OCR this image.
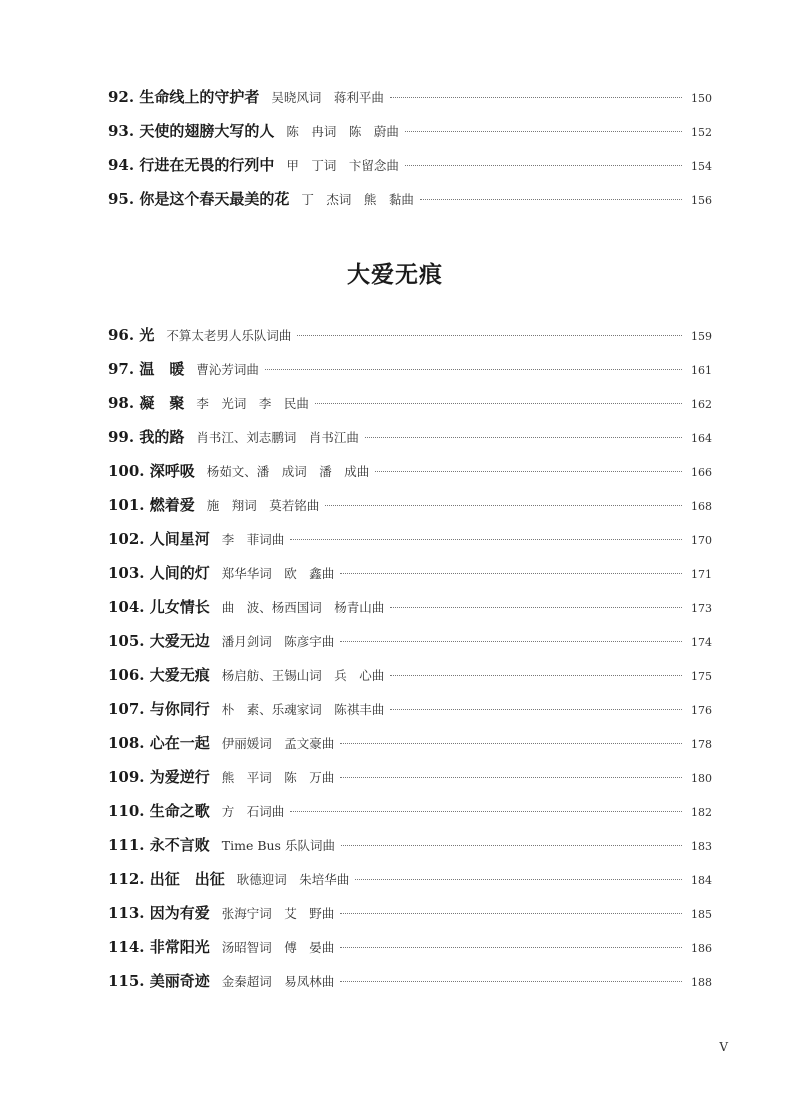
92. 生命线上的守护者 吴晓风词　蒋利平曲	150
93. 天使的翅膀大写的人 陈　冉词　陈　蔚曲	152
94. 行进在无畏的行列中 甲　丁词　卞留念曲	154
95. 你是这个春天最美的花 丁　杰词　熊　黏曲	156
大爱无痕
96. 光 不算太老男人乐队词曲	159
97. 温　暖 曹沁芳词曲	161
98. 凝　聚 李　光词　李　民曲	162
99. 我的路 肖书江、刘志鹏词　肖书江曲	164
100. 深呼吸 杨茹文、潘　成词　潘　成曲	166
101. 燃着爱 施　翔词　莫若铭曲	168
102. 人间星河 李　菲词曲	170
103. 人间的灯 郑华华词　欧　鑫曲	171
104. 儿女情长 曲　波、杨西国词　杨青山曲	173
105. 大爱无边 潘月剑词　陈彦宇曲	174
106. 大爱无痕 杨启舫、王锡山词　兵　心曲	175
107. 与你同行 朴　素、乐魂家词　陈祺丰曲	176
108. 心在一起 伊丽媛词　孟文豪曲	178
109. 为爱逆行 熊　平词　陈　万曲	180
110. 生命之歌 方　石词曲	182
111. 永不言败 Time Bus 乐队词曲	183
112. 出征　出征 耿德迎词　朱培华曲	184
113. 因为有爱 张海宁词　艾　野曲	185
114. 非常阳光 汤昭智词　傅　晏曲	186
115. 美丽奇迹 金秦超词　易凤林曲	188
V
